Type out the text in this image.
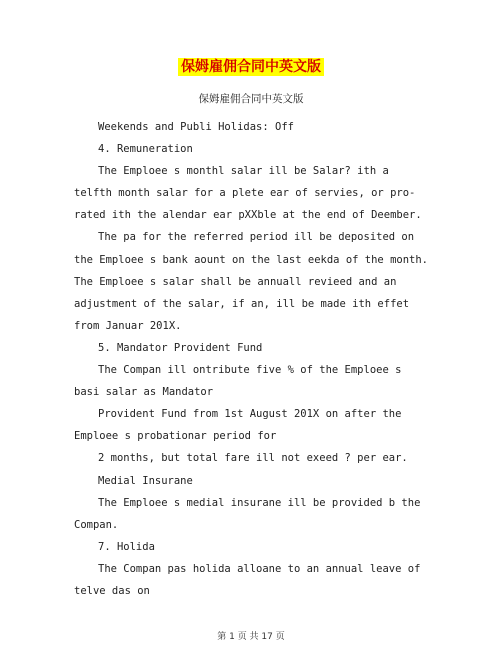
保姆雇佣合同中英文版
保姆雇佣合同中英文版

Weekends and Publi Holidas: Off

4. Remuneration

The Emploee s monthl salar ill be Salar? ith a telfth month salar for a plete ear of servies, or pro-rated ith the alendar ear pXXble at the end of Deember.

The pa for the referred period ill be deposited on the Emploee s bank aount on the last eekda of the month. The Emploee s salar shall be annuall revieed and an adjustment of the salar, if an, ill be made ith effet from Januar 201X.

5. Mandator Provident Fund

The Compan ill ontribute five % of the Emploee s basi salar as Mandator

Provident Fund from 1st August 201X on after the Emploee s probationar period for

2 months, but total fare ill not exeed ? per ear.

Medial Insurane

The Emploee s medial insurane ill be provided b the Compan.

7. Holida

The Compan pas holida alloane to an annual leave of telve das on

第 1 页 共 17 页
